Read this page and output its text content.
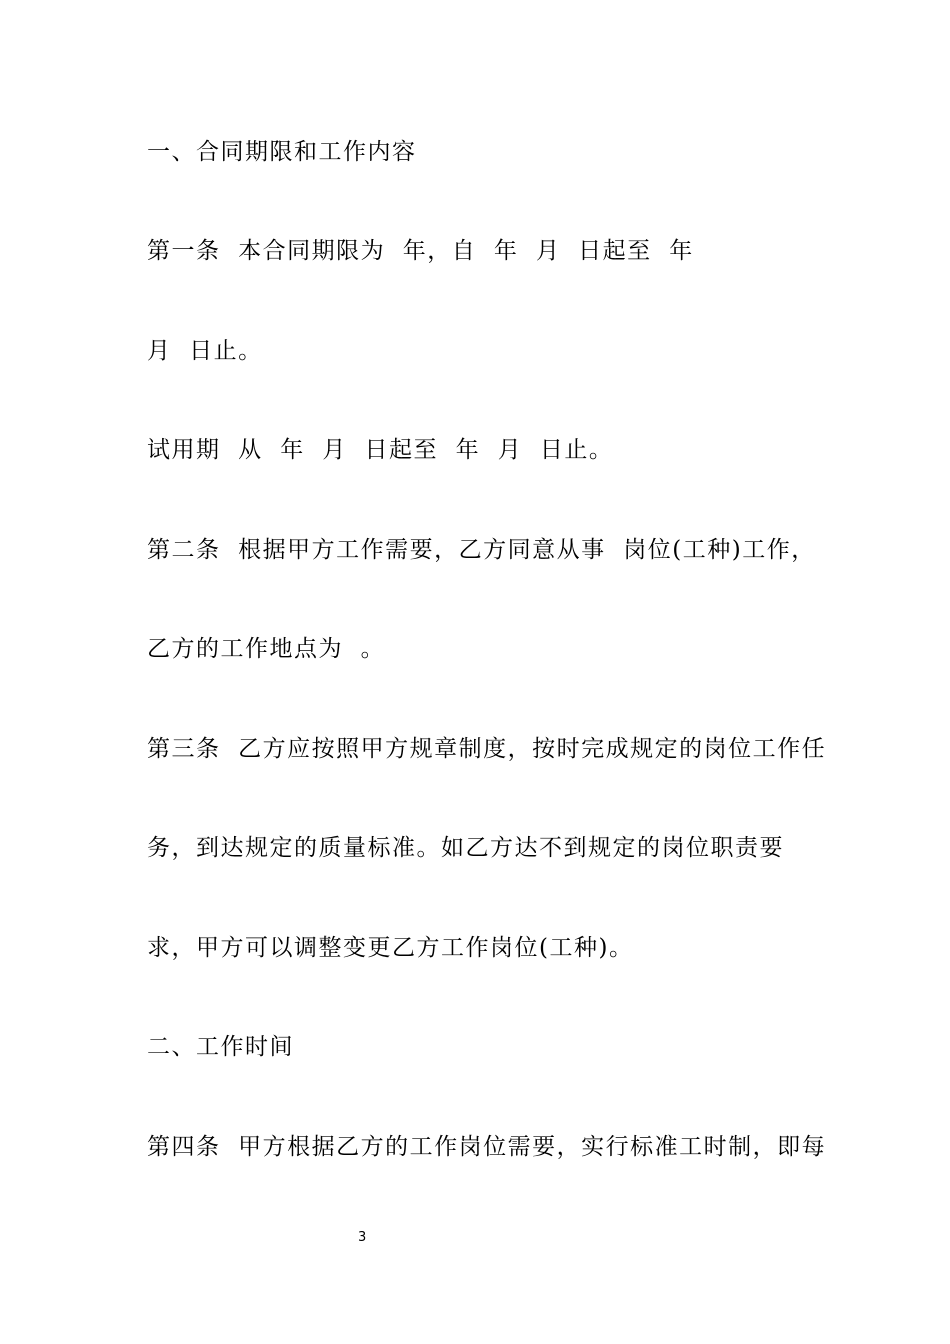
一、合同期限和工作内容

第一条  本合同期限为  年，自  年  月  日起至  年

月  日止。

试用期  从  年  月  日起至  年  月  日止。

第二条  根据甲方工作需要，乙方同意从事  岗位(工种)工作，

乙方的工作地点为  。

第三条  乙方应按照甲方规章制度，按时完成规定的岗位工作任

务，到达规定的质量标准。如乙方达不到规定的岗位职责要

求，甲方可以调整变更乙方工作岗位(工种)。

二、工作时间

第四条  甲方根据乙方的工作岗位需要，实行标准工时制，即每

3
